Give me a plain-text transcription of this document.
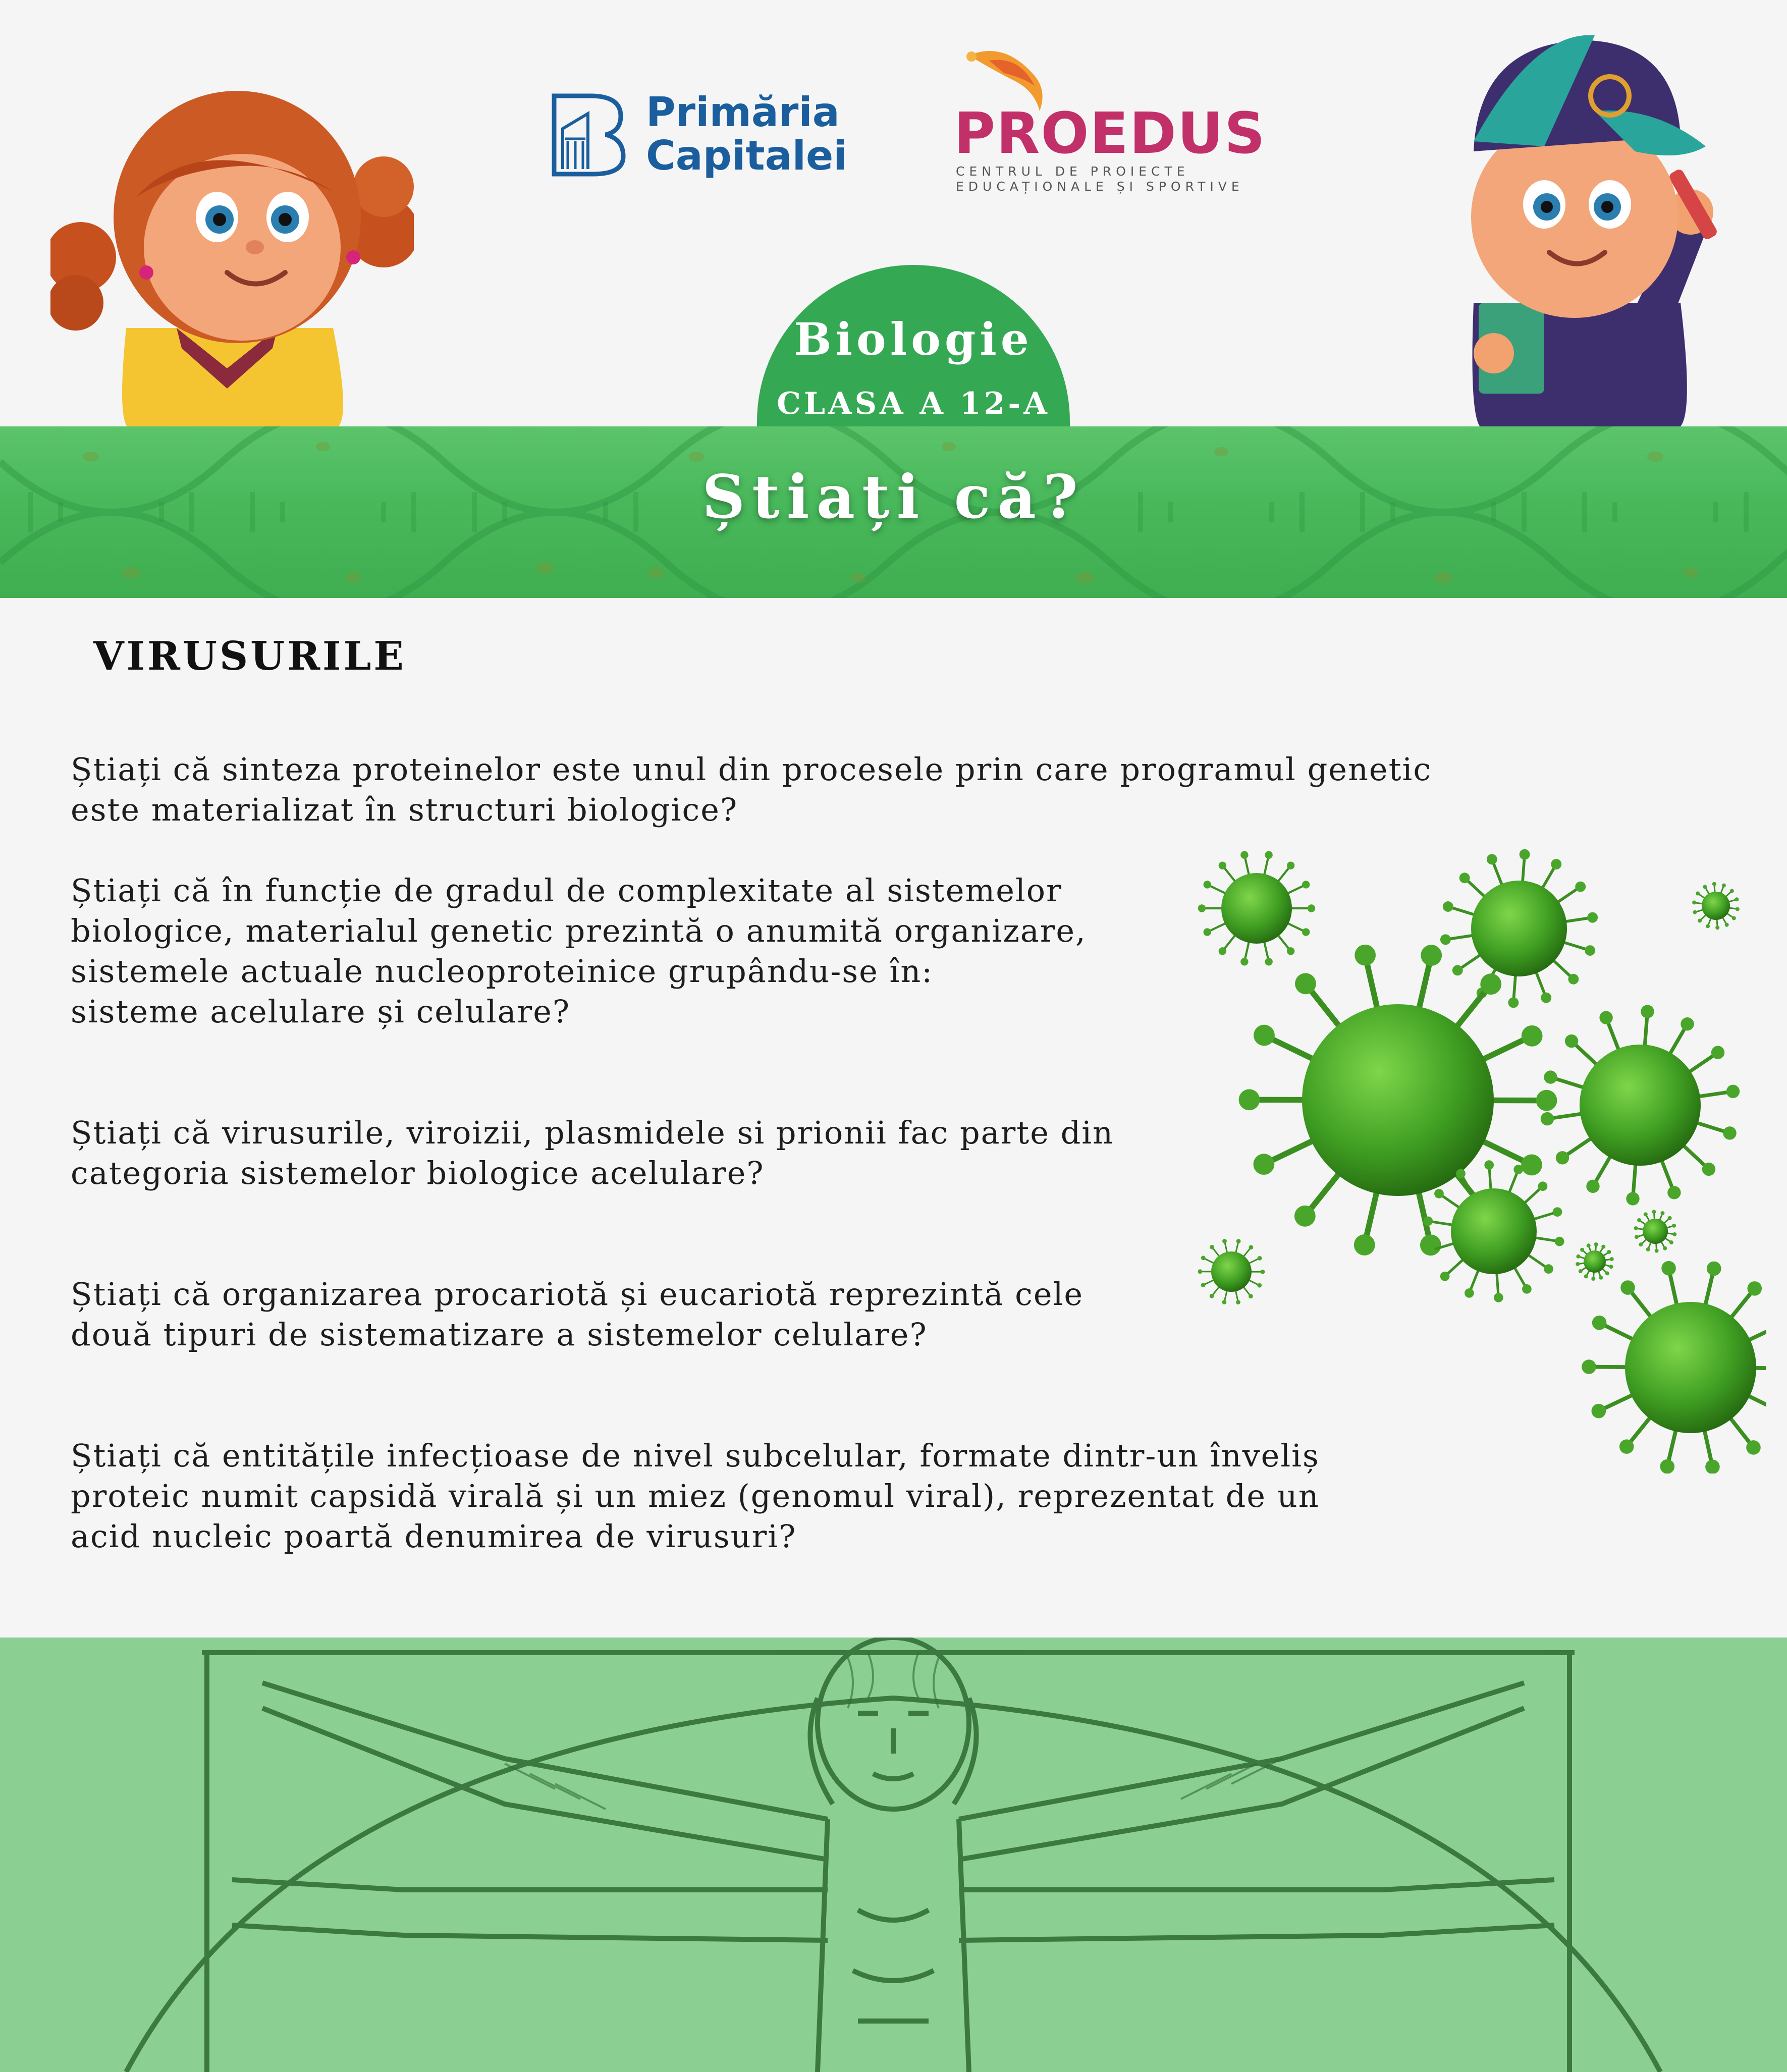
Primăria
Capitalei PROEDUS
CENTRUL DE PROIECTE
EDUCAȚIONALE ȘI SPORTIVE
Biologie
CLASA A 12-A
Știați că?
VIRUSURILE
Știați că sinteza proteinelor este unul din procesele prin care programul genetic
este materializat în structuri biologice?
Știați că în funcție de gradul de complexitate al sistemelor
biologice, materialul genetic prezintă o anumită organizare,
sistemele actuale nucleoproteinice grupându-se în:
sisteme acelulare și celulare?
Știați că virusurile, viroizii, plasmidele si prionii fac parte din
categoria sistemelor biologice acelulare?
Știați că organizarea procariotă și eucariotă reprezintă cele
două tipuri de sistematizare a sistemelor celulare?
Știați că entitățile infecțioase de nivel subcelular, formate dintr-un înveliș
proteic numit capsidă virală și un miez (genomul viral), reprezentat de un
acid nucleic poartă denumirea de virusuri?
